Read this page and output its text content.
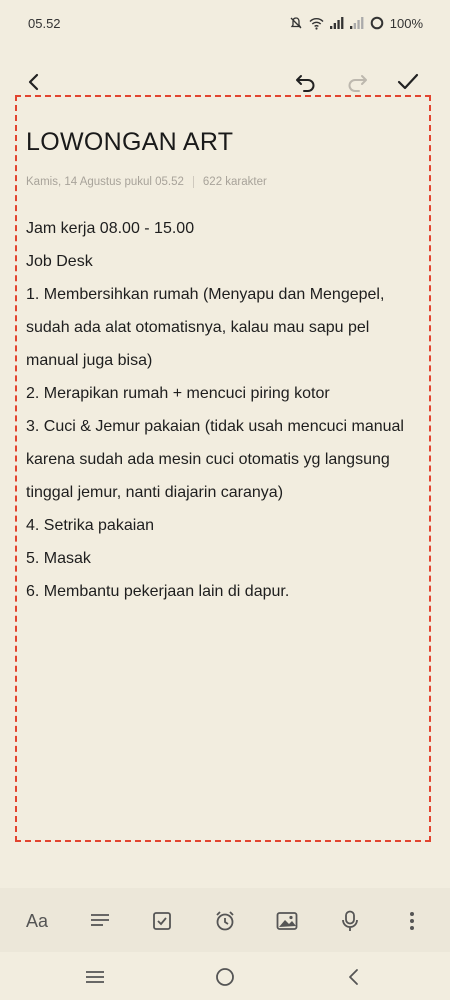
05.52	100%
LOWONGAN ART
Kamis, 14 Agustus pukul 05.52 622 karakter

Jam kerja 08.00 - 15.00

Job Desk

1. Membersihkan rumah (Menyapu dan Mengepel,

sudah ada alat otomatisnya, kalau mau sapu pel

manual juga bisa)

2. Merapikan rumah + mencuci piring kotor

3. Cuci & Jemur pakaian (tidak usah mencuci manual

karena sudah ada mesin cuci otomatis yg langsung

tinggal jemur, nanti diajarin caranya)

4. Setrika pakaian

5. Masak

6. Membantu pekerjaan lain di dapur.

Aa
